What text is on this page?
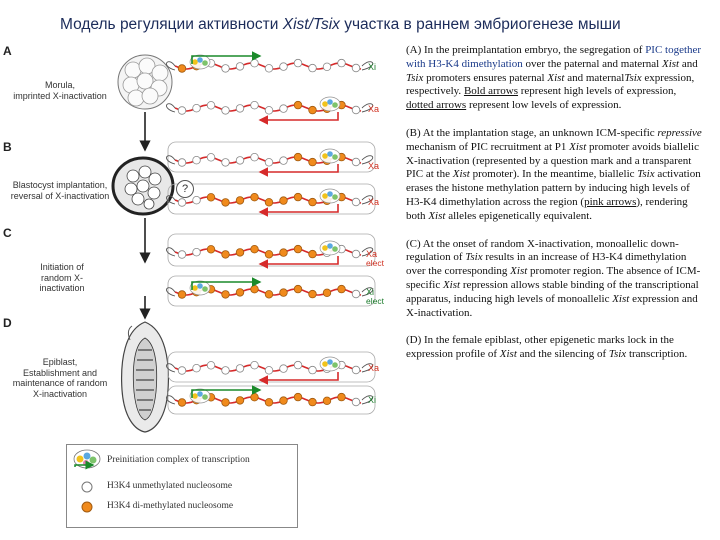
Модель регуляции активности Xist/Tsix участка в раннем эмбриогенезе мыши
A
B
C
D
Morula,
imprinted X-inactivation
Blastocyst implantation,
reversal of X-inactivation
Initiation of
random X-
inactivation
Epiblast,
Establishment and
maintenance of random
X-inactivation
Xi
Xa
Xa
Xa
Xa
elect
Xi
elect
Xa
Xi
?
Preinitiation complex of transcription
H3K4 unmethylated nucleosome
H3K4 di-methylated nucleosome

(A) In the preimplantation embryo, the segregation of PIC together with H3-K4 dimethylation over the paternal and maternal Xist and Tsix promoters ensures paternal Xist and maternalTsix expression, respectively. Bold arrows represent high levels of expression, dotted arrows represent low levels of expression.

(B) At the implantation stage, an unknown ICM-specific repressive mechanism of PIC recruitment at P1 Xist promoter avoids biallelic X-inactivation (represented by a question mark and a transparent PIC at the Xist promoter). In the meantime, biallelic Tsix activation erases the histone methylation pattern by inducing high levels of H3-K4 dimethylation across the region (pink arrows), rendering both Xist alleles epigenetically equivalent.

(C) At the onset of random X-inactivation, monoallelic down-regulation of Tsix results in an increase of H3-K4 dimethylation over the corresponding Xist promoter region. The absence of ICM-specific Xist repression allows stable binding of the transcriptional apparatus, inducing high levels of monoallelic Xist expression and X-inactivation.

(D) In the female epiblast, other epigenetic marks lock in the expression profile of Xist and the silencing of Tsix transcription.
